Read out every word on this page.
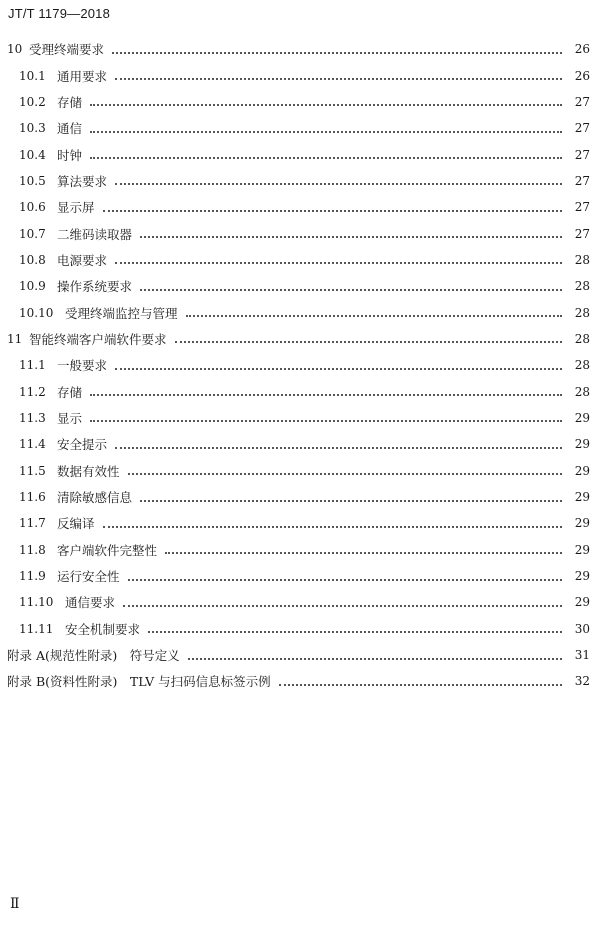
JT/T 1179—2018
10 受理终端要求	26
10.1 通用要求	26
10.2 存储	27
10.3 通信	27
10.4 时钟	27
10.5 算法要求	27
10.6 显示屏	27
10.7 二维码读取器	27
10.8 电源要求	28
10.9 操作系统要求	28
10.10 受理终端监控与管理	28
11 智能终端客户端软件要求	28
11.1 一般要求	28
11.2 存储	28
11.3 显示	29
11.4 安全提示	29
11.5 数据有效性	29
11.6 清除敏感信息	29
11.7 反编译	29
11.8 客户端软件完整性	29
11.9 运行安全性	29
11.10 通信要求	29
11.11 安全机制要求	30
附录 A(规范性附录)　符号定义	31
附录 B(资料性附录)　TLV 与扫码信息标签示例	32
Ⅱ
